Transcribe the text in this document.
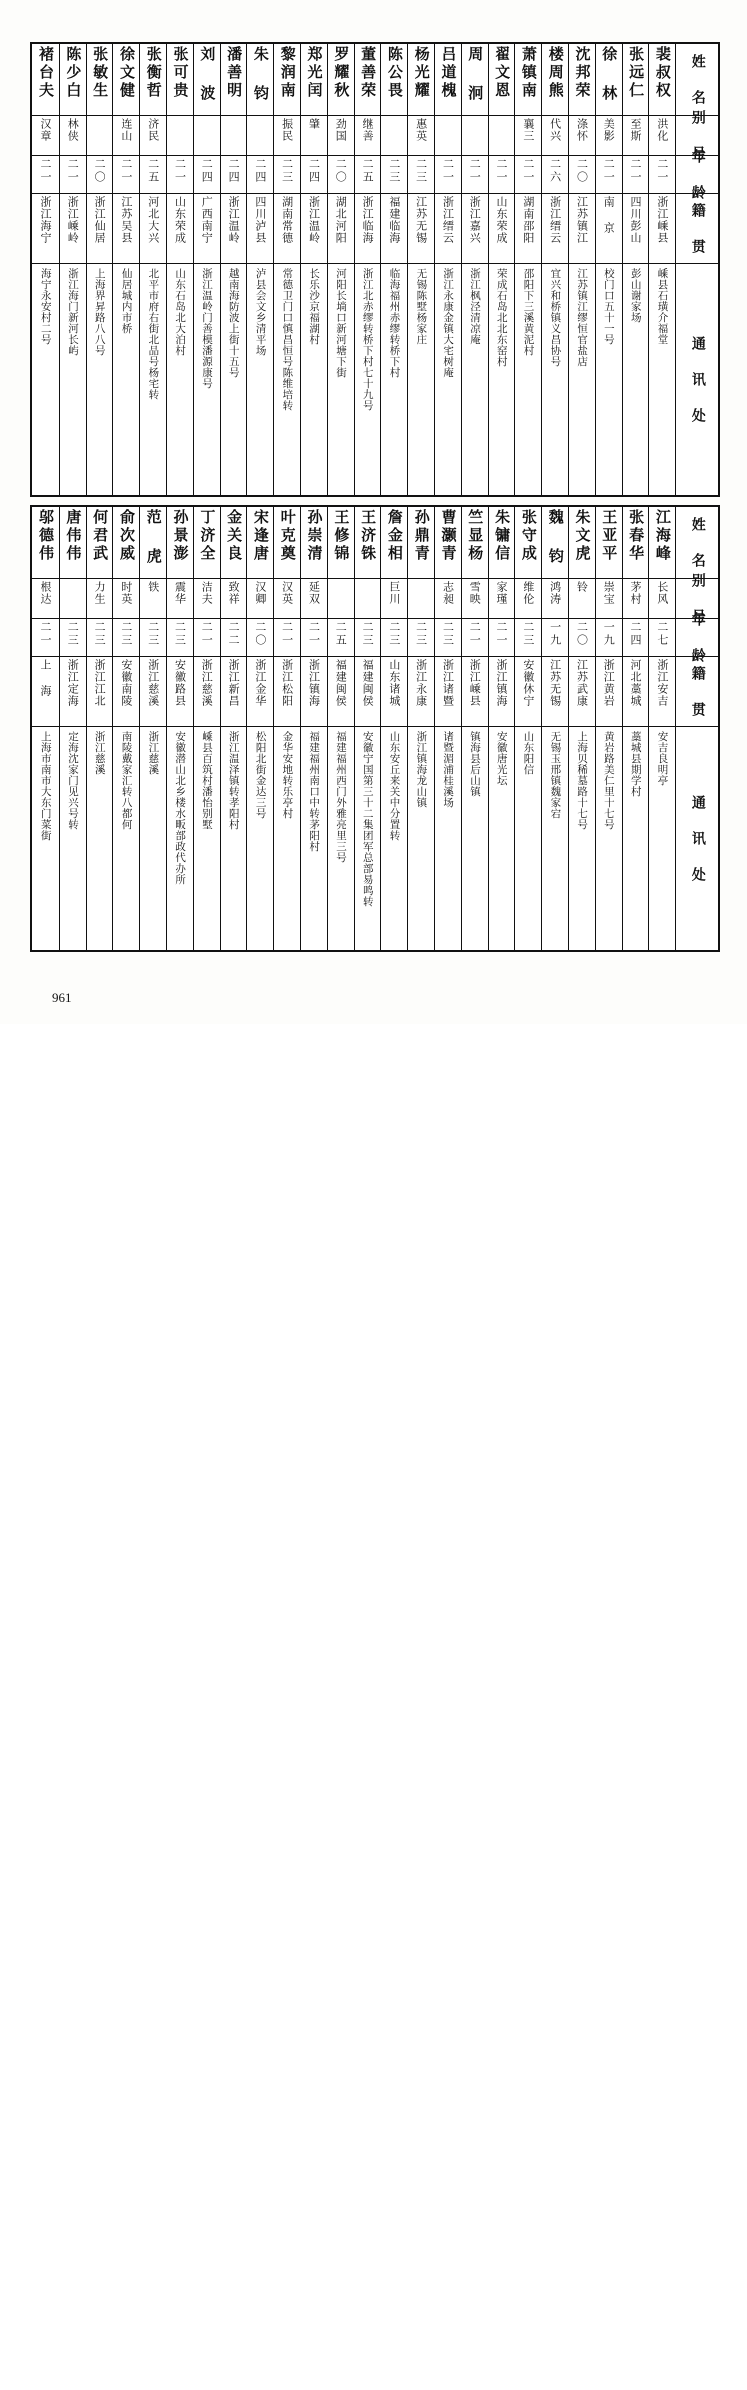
褚台夫
汉章
二一
浙江海宁
海宁永安村二号
陈少白
林侠
二一
浙江嵊岭
浙江海门新河长屿
张敏生
二〇
浙江仙居
上海界昇路八八号
徐文健
连山
二一
江苏吴县
仙居城内市桥
张衡哲
济民
二五
河北大兴
北平市府右街北品号杨宅转
张可贵
二一
山东荣成
山东石岛北大泊村
刘 波
二四
广西南宁
浙江温岭门善模潘源康号
潘善明
二四
浙江温岭
越南海防波上街十五号
朱 钧
二四
四川泸县
泸县会文乡清平场
黎润南
振民
二三
湖南常德
常德卫门口慎昌恒号陈维培转
郑光闰
肇
二四
浙江温岭
长乐沙京福湖村
罗耀秋
劲国
二〇
湖北河阳
河阳长埫口新河塘下街
董善荣
继善
二五
浙江临海
浙江北赤缪转桥下村七十九号
陈公畏
二三
福建临海
临海福州赤缪转桥下村
杨光耀
惠英
二三
江苏无锡
无锡陈墅杨家庄
吕道槐
二一
浙江缙云
浙江永康金镇大宅树庵
周 泂
二一
浙江嘉兴
浙江枫泾清凉庵
翟文恩
二一
山东荣成
荣成石岛北北东窑村
萧镇南
襄三
二一
湖南邵阳
邵阳下三溪黄泥村
楼周熊
代兴
二六
浙江缙云
宜兴和桥镇义昌协号
沈邦荣
涤怀
二〇
江苏镇江
江苏镇江缪恒官盐店
徐 林
美影
二一
南 京
校门口五十一号
张远仁
至斯
二一
四川彭山
彭山谢家场
裴叔权
洪化
二一
浙江嵊县
嵊县石璜介福堂
姓 名
别 号
年 龄
籍 贯
通 讯 处
邬德伟
根达
二一
上 海
上海市南市大东门菜街
唐伟伟
二三
浙江定海
定海沈家门见兴号转
何君武
力生
二三
浙江江北
浙江慈溪
俞次威
时英
二三
安徽南陵
南陵戴家汇转八都何
范 虎
铁
二三
浙江慈溪
浙江慈溪
孙景澎
震华
二三
安徽路县
安徽潜山北乡楼水畈部政代办所
丁济全
洁夫
二一
浙江慈溪
嵊县百筑村潘怡别墅
金关良
致祥
二二
浙江新昌
浙江温泽镇转孝阳村
宋逢唐
汉卿
二〇
浙江金华
松阳北街金达三号
叶克奠
汉英
二一
浙江松阳
金华安地转乐亭村
孙崇清
延双
二一
浙江镇海
福建福州南口中转茅阳村
王修锦
二五
福建闽侯
福建福州西门外雅亮里三号
王济铢
二三
福建闽侯
安徽宁国第三十二集团军总部易鸣转
詹金相
巨川
二三
山东诸城
山东安丘来关中分置转
孙鼎青
二三
浙江永康
浙江镇海龙山镇
曹灏青
志昶
二三
浙江诸暨
诸暨湄浦桂溪场
竺显杨
雪映
二一
浙江嵊县
镇海县后山镇
朱镛信
家瑾
二一
浙江镇海
安徽唐光坛
张守成
维伦
二三
安徽休宁
山东阳信
魏 钧
鸿涛
一九
江苏无锡
无锡玉邢镇魏家宕
朱文虎
铃
二〇
江苏武康
上海贝稀墓路十七号
王亚平
崇宝
一九
浙江黄岩
黄岩路美仁里十七号
张春华
茅村
二四
河北藁城
藁城县期学村
江海峰
长风
二七
浙江安吉
安吉良明亭
姓 名
别 号
年 龄
籍 贯
通 讯 处
961
